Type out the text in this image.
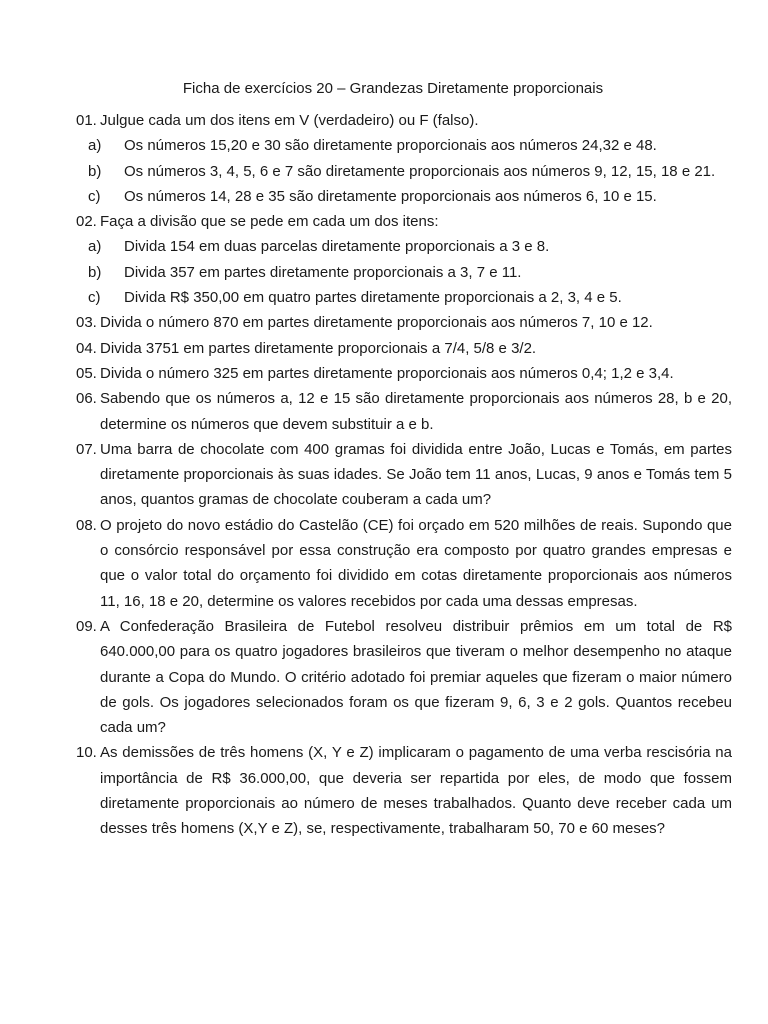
Ficha de exercícios 20 – Grandezas Diretamente proporcionais
01. Julgue cada um dos itens em V (verdadeiro) ou F (falso).
a) Os números 15,20 e 30 são diretamente proporcionais aos números 24,32 e 48.
b) Os números 3, 4, 5, 6 e 7 são diretamente proporcionais aos números 9, 12, 15, 18 e 21.
c) Os números 14, 28 e 35 são diretamente proporcionais aos números 6, 10 e 15.
02. Faça a divisão que se pede em cada um dos itens:
a) Divida 154 em duas parcelas diretamente proporcionais a 3 e 8.
b) Divida 357 em partes diretamente proporcionais a 3, 7 e 11.
c) Divida R$ 350,00 em quatro partes diretamente proporcionais a 2, 3, 4 e 5.
03. Divida o número 870 em partes diretamente proporcionais aos números 7, 10 e 12.
04. Divida 3751 em partes diretamente proporcionais a 7/4, 5/8 e 3/2.
05. Divida o número 325 em partes diretamente proporcionais aos números 0,4; 1,2 e 3,4.
06. Sabendo que os números a, 12 e 15 são diretamente proporcionais aos números 28, b e 20, determine os números que devem substituir a e b.
07. Uma barra de chocolate com 400 gramas foi dividida entre João, Lucas e Tomás, em partes diretamente proporcionais às suas idades. Se João tem 11 anos, Lucas, 9 anos e Tomás tem 5 anos, quantos gramas de chocolate couberam a cada um?
08. O projeto do novo estádio do Castelão (CE) foi orçado em 520 milhões de reais. Supondo que o consórcio responsável por essa construção era composto por quatro grandes empresas e que o valor total do orçamento foi dividido em cotas diretamente proporcionais aos números 11, 16, 18 e 20, determine os valores recebidos por cada uma dessas empresas.
09. A Confederação Brasileira de Futebol resolveu distribuir prêmios em um total de R$ 640.000,00 para os quatro jogadores brasileiros que tiveram o melhor desempenho no ataque durante a Copa do Mundo. O critério adotado foi premiar aqueles que fizeram o maior número de gols. Os jogadores selecionados foram os que fizeram 9, 6, 3 e 2 gols. Quantos recebeu cada um?
10. As demissões de três homens (X, Y e Z) implicaram o pagamento de uma verba rescisória na importância de R$ 36.000,00, que deveria ser repartida por eles, de modo que fossem diretamente proporcionais ao número de meses trabalhados. Quanto deve receber cada um desses três homens (X,Y e Z), se, respectivamente, trabalharam 50, 70 e 60 meses?
